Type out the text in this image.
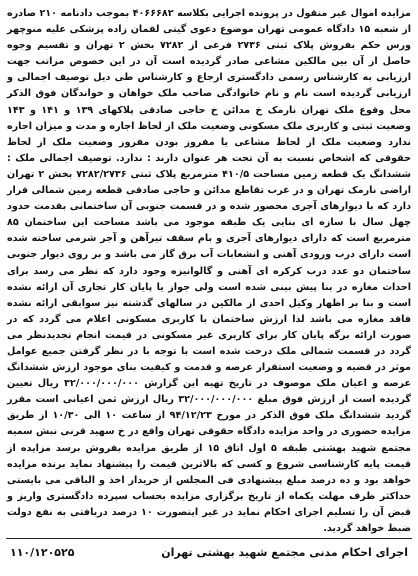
مزایده اموال غیر منقول در پرونده اجرایی بکلاسه ۴۰۶۶۶۸۲ بموجب دادنامه ۲۱۰ صادره از شعبه ۱۵ دادگاه عمومی تهران موضوع دعوی گیتی لقمان زاده پزشکی علیه منوچهر ورس حکم بفروش پلاک ثبتی ۲۷۳۶ فرعی از ۷۲۸۲ بخش ۲ تهران و تقسیم وجوه حاصل از آن بین مالکین مشاعی صادر گردیده است آن در این خصوص مراتب جهت ارزیابی به کارشناس رسمی دادگستری ارجاع و کارشناس طی دیل توصیف اجمالی و ارزیابی گردیده است نام و نام خانوادگی صاحب ملک خواهان و خواندگان فوق الذکر محل وقوع ملک تهران نارمک خ مدائن خ حاجی صادقی پلاکهای ۱۳۹ و ۱۴۱ و ۱۴۳ وضعیت ثبتی و کاربری ملک مسکونی وضعیت ملک از لحاظ اجاره و مدت و میزان اجاره ندارد وضعیت ملک از لحاظ مشاعی یا مفروز بودن مفروز وضعیت ملک از لحاظ حقوقی که اشخاص نسبت به آن تحت هر عنوان دارند : ندارد. توصیف اجمالی ملک : ششدانگ یک قطعه زمین مساحت ۴۱۰/۵ مترمربع پلاک ثبتی ۷۲۸۲/۲۷۳۶ بخش ۲ تهران اراضی نارمک تهران و در غرب تقاطع مدائن و حاجی صادقی قطعه زمین شمالی قرار دارد که با دیوارهای آجری محصور شده و در قسمت جنوبی آن ساختمانی بقدمت حدود چهل سال با سازه ای بنایی یک طبقه موجود می باشد مساحت این ساختمان ۸۵ مترمربع است که دارای دیوارهای آجری و بام سقف تیرآهن و آجر شرمی ساخته شده است دارای درب ورودی آهنی و انشعابات آب برق گاز می باشد و بر روی دیوار جنوبی ساختمان دو عدد درب کرکره ای آهنی و گالوانیزه وجود دارد که نظر می رسد برای احداث مغازه در بنا پیش بینی شده است ولی جواز یا پایان کار تجاری آن ارائه نشده است و بنا بر اظهار وکیل احدی از مالکین در سالهای گذشته نیز سوابقی ارائه نشده فاقد مغازه می باشد لذا ارزش ساختمان با کاربری مسکونی اعلام می گردد که در صورت ارائه برگه پایان کار برای کاربری غیر مسکونی در قیمت انجام تجدیدنظر می گردد در قسمت شمالی ملک درخت شده است با توجه با در نظر گرفتن جمیع عوامل موثر در قضیه و وضعیت استقرار عرصه و قدمت و کیفیت بنای موجود ارزش ششدانگ عرصه و اعیان ملک موصوف در تاریخ تهیه این گزارش ۳۲/۰۰۰/۰۰۰/۰۰۰ ریال تعیین گردیده است از ارزش فوق مبلغ ۳۲/۰۰۰/۰۰۰/۰۰۰ ریال ارزش ثمن اعیانی است مقرر گردید ششدانگ ملک فوق الذکر در مورخ ۹۴/۱۲/۲۳ از ساعت ۱۰ الی ۱۰/۳۰ از طریق مزایده حضوری در واحد مزایده دادگاه حقوقی تهران واقع در خ سهید قرنی نبش سمیه مجتمع شهید بهشتی طبقه ۵ اول اتاق ۱۵ از طریق مزایده بفروش برسد مزایده از قیمت پایه کارشناسی شروع و کسی که بالاترین قیمت را پیشنهاد نماید برنده مزایده خواهد بود و ده درصد مبلغ پیشنهادی فی المجلس از خریدار اخذ و الباقی می بایستی حداکثر ظرف مهلت یکماه از تاریخ برگزاری مزایده بحساب سپرده دادگستری واریز و قبض آن را تسلیم اجرای احکام نماید در غیر اینصورت ۱۰ درصد دریافتی به نفع دولت ضبط خواهد گردید.

اجرای احکام مدنی مجتمع شهید بهشتی تهران
۱۱۰/۱۲۰۵۲۵
